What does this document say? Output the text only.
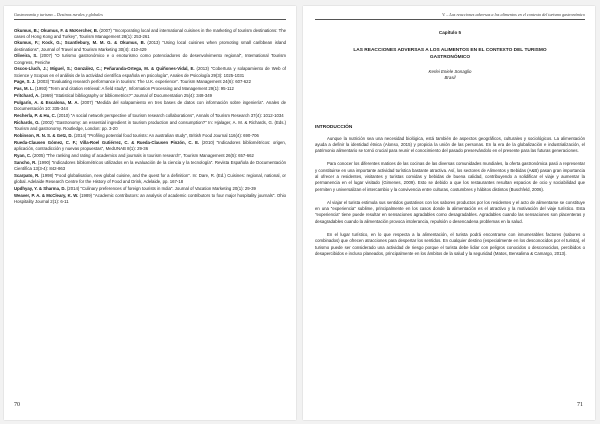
Gastronomía y turismo – Destinos rurales y globales

Okumus, B.; Okumus, F. & McKercher, B. (2007) "Incorporating local and international cuisines in the marketing of tourism destinations: The cases of Hong Kong and Turkey", Tourism Management 28(1): 253-261

Okumus, F.; Kock, G.; Scantlebury, M. M. G. & Okumus, B. (2013) "Using local cuisines when promoting small caribbean island destinations", Journal of Travel and Tourism Marketing 30(4): 410-429

Oliveira, S. (2007) "O turismo gastronómico e o enoturismo como potenciadores do desenvolvimento regional", International Tourism Congress, Peniche

Oscos-Lluch, J.; Miguel, S.; González, C.; Peñaranda-Ortega, M. & Quiñones-Vidal, E. (2013) "Cobertura y solapamiento de Web of Science y Scopus en el análisis de la actividad científica española en psicología", Anales de Psicología 29(3): 1025-1031

Page, S. J. (2003) "Evaluating research performance in tourism: The U.K. experience". Tourism Management 24(6): 607-622

Pas, M. L. (1993) "Term and citation retrieval: A field study", Information Processing and Management 29(1): 95-112

Pritchard, A. (1969) "Statistical bibliography or bibliometrics?" Journal of Documentation 25(4): 348-349

Pulgarín, A. & Escalona, M. A. (2007) "Medida del solapamiento en tres bases de datos con información sobre ingeniería". Anales de Documentación 10: 335-344

Recherla, P. & Hu, C. (2010) "A social network perspective of tourism research collaborations", Annals of Tourism Research 37(4): 1012-1034

Richards, G. (2002) "Gastronomy: an essential ingredient in tourism production and consumption?" In: Hjalager, A. M. & Richards, G. (Eds.) Tourism and gastronomy. Routledge, London: pp. 3-20

Robinson, R. N. S. & Getz, D. (2014) "Profiling potential food tourists: An australian study", British Food Journal 116(4): 690-706

Rueda-Clausen Gómez, C. F.; Villa-Roel Gutiérrez, C. & Rueda-Clausen Pinzón, C. E. (2010) "Indicadores bibliométricos: origen, aplicación, contradicción y nuevas propuestas", MedUNAB 8(1): 29-36

Ryan, C. (2005) "The ranking and rating of academics and journals in tourism research", Tourism Management 26(5): 657-662

Sancho, R. (1990) "Indicadores bibliométricos utilizados en la evaluación de la ciencia y la tecnología". Revista Española de Documentación Científica 13(3-4): 842-863

Scarpato, R. (1998) "Food globalisation, new global cuisine, and the quest for a definition". In: Dare, R. (Ed.) Cuisines: regional, national, or global. Adelaide Research Centre for the History of Food and Drink, Adelaide, pp. 167-18

Updhyay, Y. & Sharma, D. (2014) "Culinary preferences of foreign tourists in India". Journal of Vacation Marketing 20(1): 29-39

Weaver, P. A. & McCleary, K. W. (1989) "Academic contributors: an analysis of academic contributors to four major hospitality journals". Ohio Hospitality Journal 2(1): 6-11

70
V. – Las reacciones adversas a los alimentos en el contexto del turismo gastronómico
Capítulo 5
LAS REACCIONES ADVERSAS A LOS ALIMENTOS EN EL CONTEXTO DEL TURISMO GASTRONÓMICO
Kerlei Eniele Sonaglio
Brasil
INTRODUCCIÓN

Aunque la nutrición sea una necesidad biológica, está también de aspectos geográficos, culturales y sociológicos. La alimentación ayuda a definir la identidad étnica (Alonso, 2015) y propicia la unión de las personas. En la era de la globalización e industrialización, el patrimonio alimentario se tornó crucial para reunir el conocimiento del pasado preservándolo en el presente para las futuras generaciones.

Para conocer los diferentes matices de las cocinas de las diversas comunidades mundiales, la oferta gastronómica pasó a representar y constituirse en una importante actividad turística bastante atractiva. Así, los sectores de Alimentos y Bebidas (A&B) pasan gran importancia al ofrecer a residentes, visitantes y turistas comidas y bebidas de buena calidad, contribuyendo a solidificar el viaje y aumentar la permanencia en el lugar visitado (Gimenes, 2009). Esto se debido a que los restaurantes resultan espacios de ocio y sociabilidad que permiten y universalizan el intercambio y la convivencia entre culturas, costumbres y hábitos distintos (Buschfeld, 2006).

Al viajar el turista estimula sus sentidos gustativos con los sabores productos por los residentes y el acto de alimentarse se constituye en una "experiencia" sublime, principalmente en los casos donde la alimentación es el atractivo y la motivación del viaje turístico. Esta "experiencia" tiene puede resultar en sensaciones agradables como desagradables. Agradables cuando las sensaciones son placenteras y desagradables cuando la alimentación provoca intolerancia, repulsión o desencadena problemas en la salud.

En el lugar turístico, en lo que respecta a la alimentación, el turista podrá encontrarse con innumerables factores (sabores o combinados) que ofrecen atracciones para despertar los sentidos. En cualquier destino (especialmente en los desconocidos por el turista), el turismo puede ser considerado una actividad de riesgo porque el turista debe lidiar con peligros conocidos o desconocidos, percibidos o desapercibidos e incluso planeados, principalmente en los ámbitos de la salud y la seguridad (Matos, Bensalima & Camargo, 2013).

71
